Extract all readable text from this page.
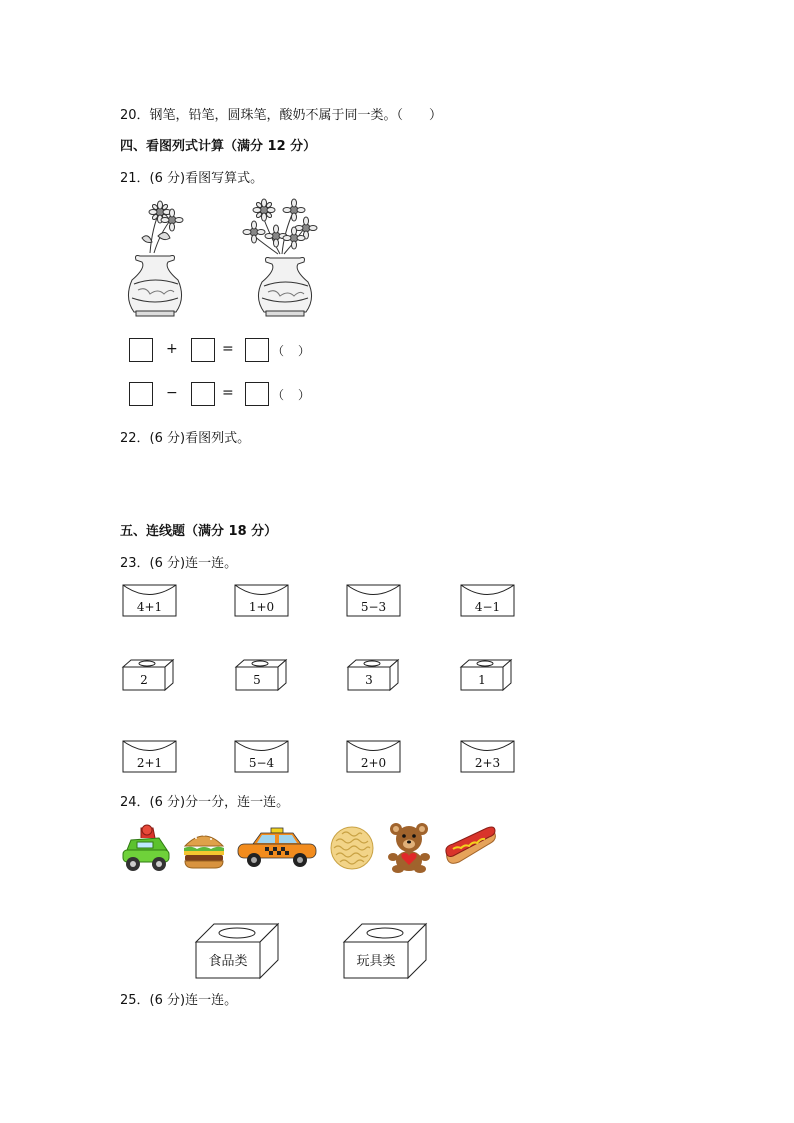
20．钢笔，铅笔，圆珠笔，酸奶不属于同一类。（　　）
四、看图列式计算（满分 12 分）
21．(6 分)看图写算式。
+	=	（　）
−	=	（　）
22．(6 分)看图列式。
五、连线题（满分 18 分）
23．(6 分)连一连。
4+1	1+0	5−3	4−1
2	5	3	1
2+1	5−4	2+0	2+3
24．(6 分)分一分，连一连。
食品类	玩具类
25．(6 分)连一连。
